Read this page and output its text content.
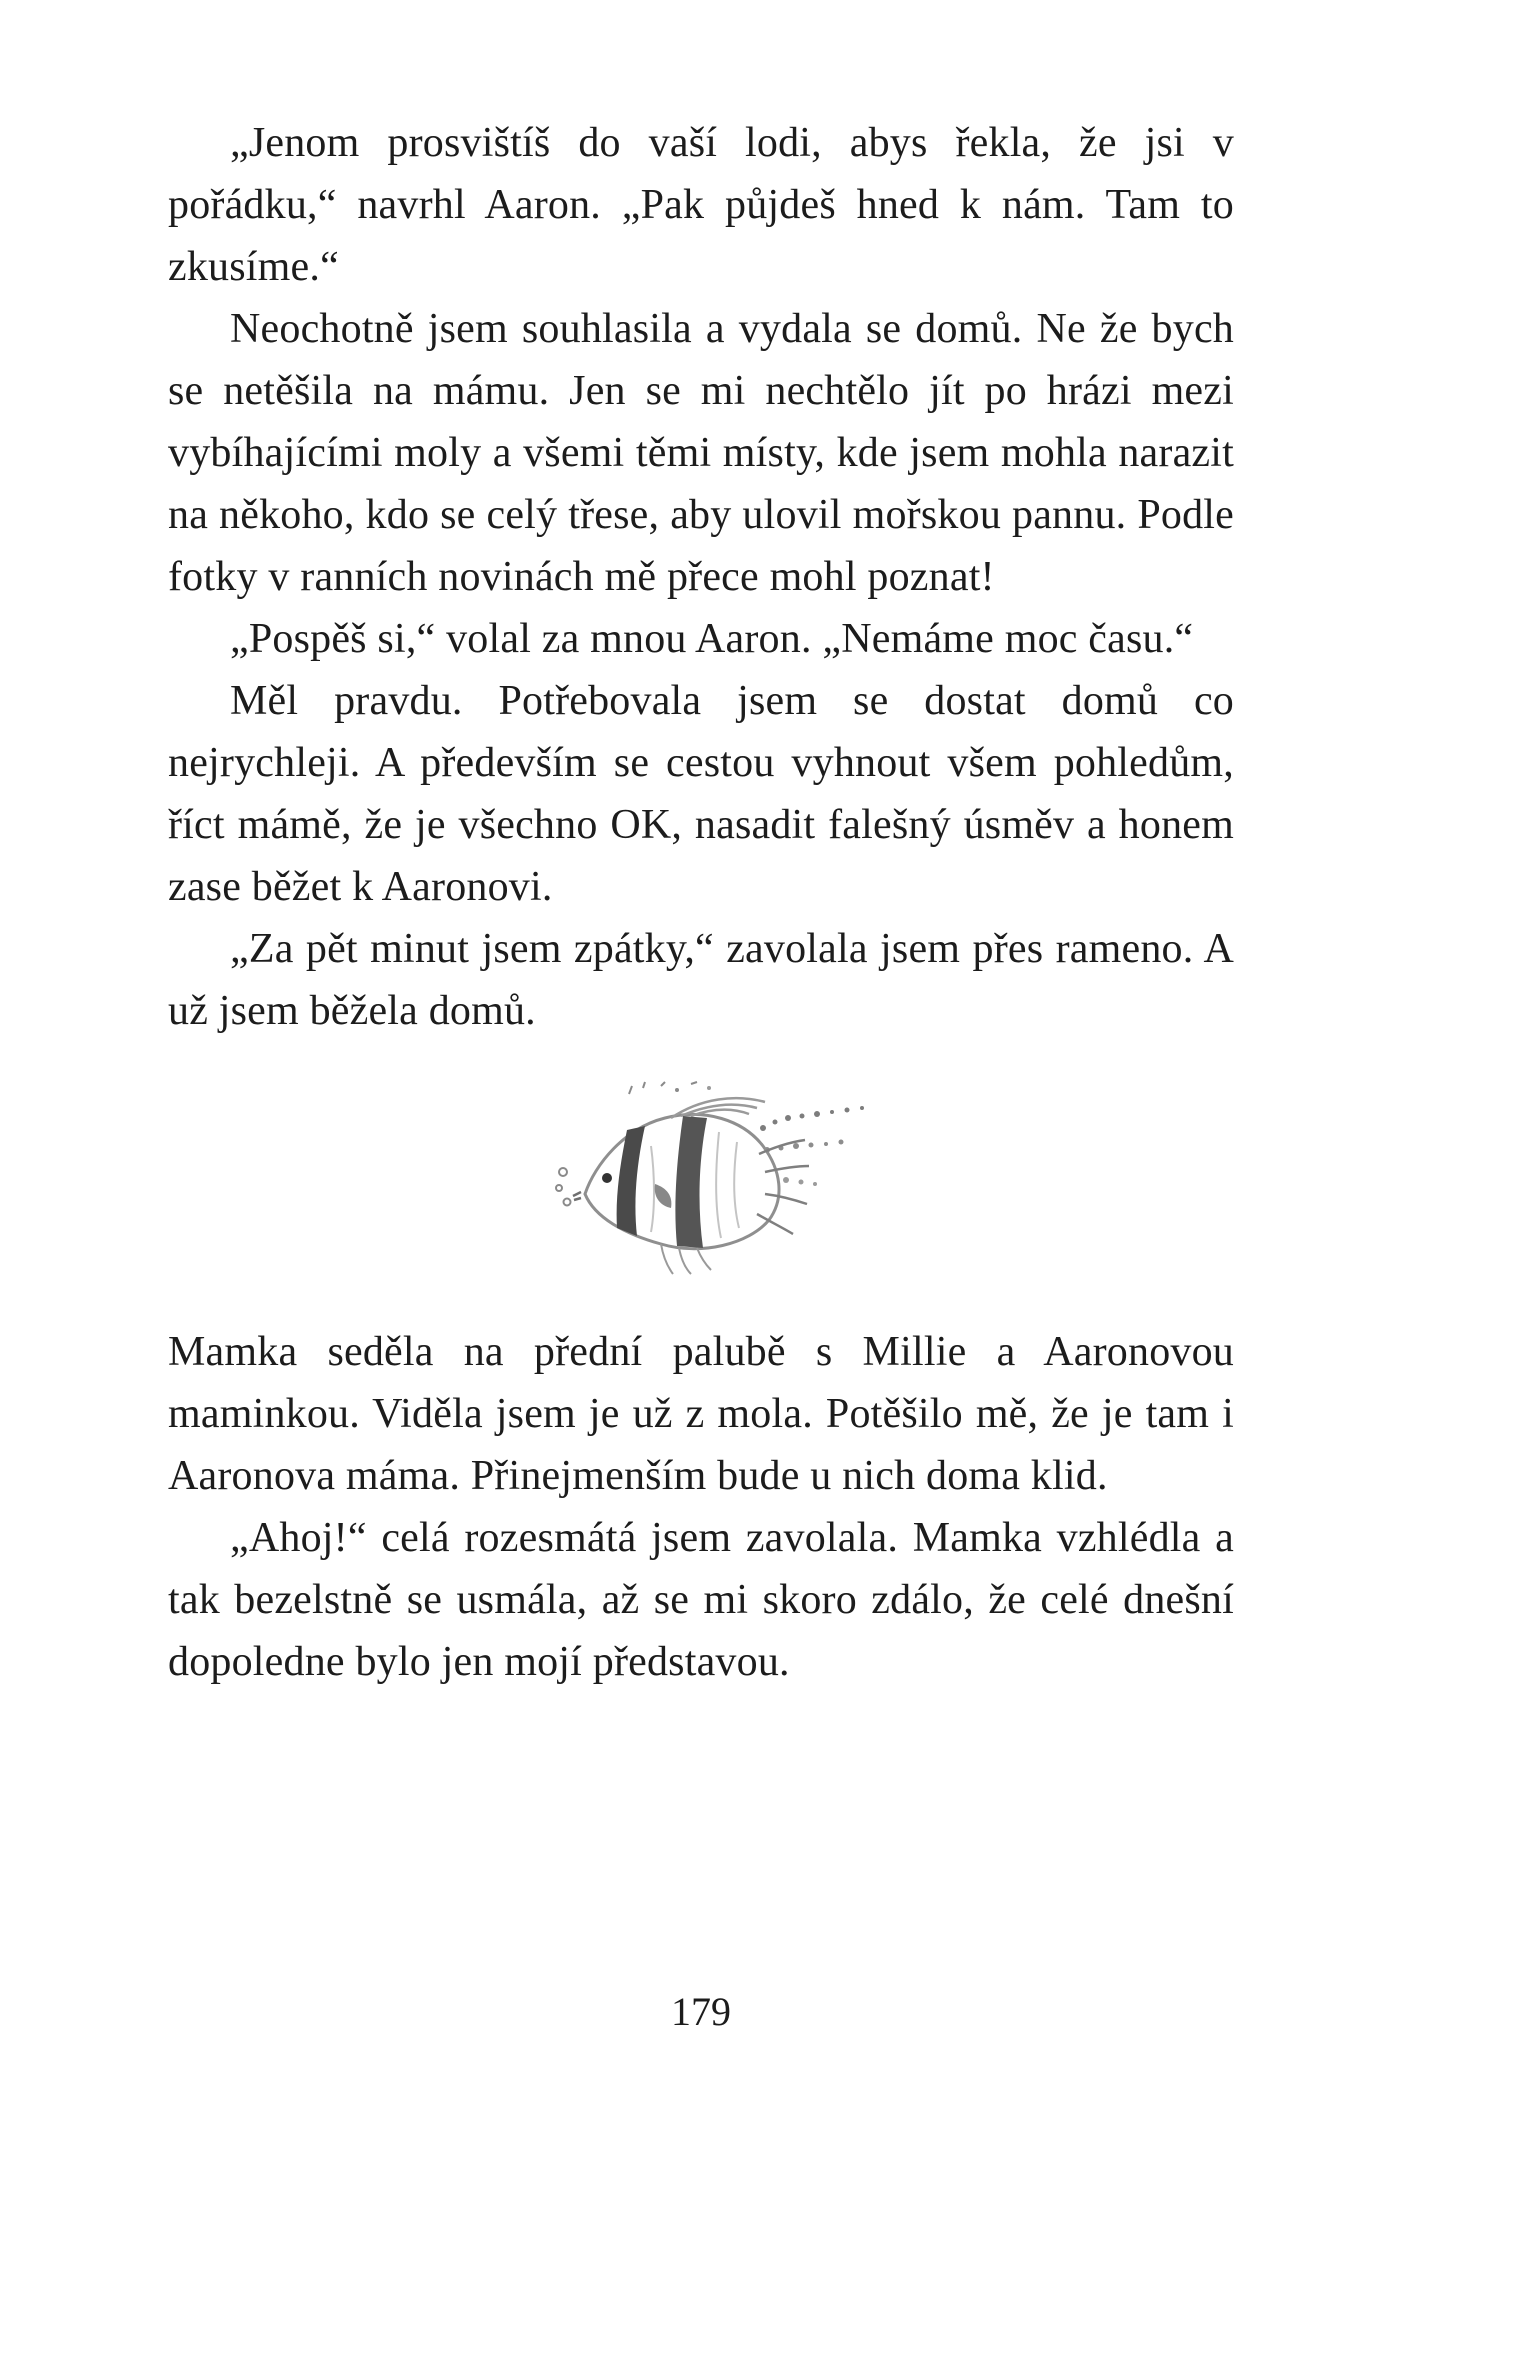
„Jenom prosvištíš do vaší lodi, abys řekla, že jsi v pořádku,“ navrhl Aaron. „Pak půjdeš hned k nám. Tam to zkusíme.“

Neochotně jsem souhlasila a vydala se domů. Ne že bych se netěšila na mámu. Jen se mi nechtělo jít po hrázi mezi vybíhajícími moly a všemi těmi místy, kde jsem mohla narazit na někoho, kdo se celý třese, aby ulovil mořskou pannu. Podle fotky v ranních novinách mě přece mohl poznat!

„Pospěš si,“ volal za mnou Aaron. „Nemáme moc času.“

Měl pravdu. Potřebovala jsem se dostat domů co nejrychleji. A především se cestou vyhnout všem pohledům, říct mámě, že je všechno OK, nasadit falešný úsměv a honem zase běžet k Aaronovi.

„Za pět minut jsem zpátky,“ zavolala jsem přes rameno. A už jsem běžela domů.

Mamka seděla na přední palubě s Millie a Aaronovou maminkou. Viděla jsem je už z mola. Potěšilo mě, že je tam i Aaronova máma. Přinejmenším bude u nich doma klid.

„Ahoj!“ celá rozesmátá jsem zavolala. Mamka vzhlédla a tak bezelstně se usmála, až se mi skoro zdálo, že celé dnešní dopoledne bylo jen mojí představou.

179
